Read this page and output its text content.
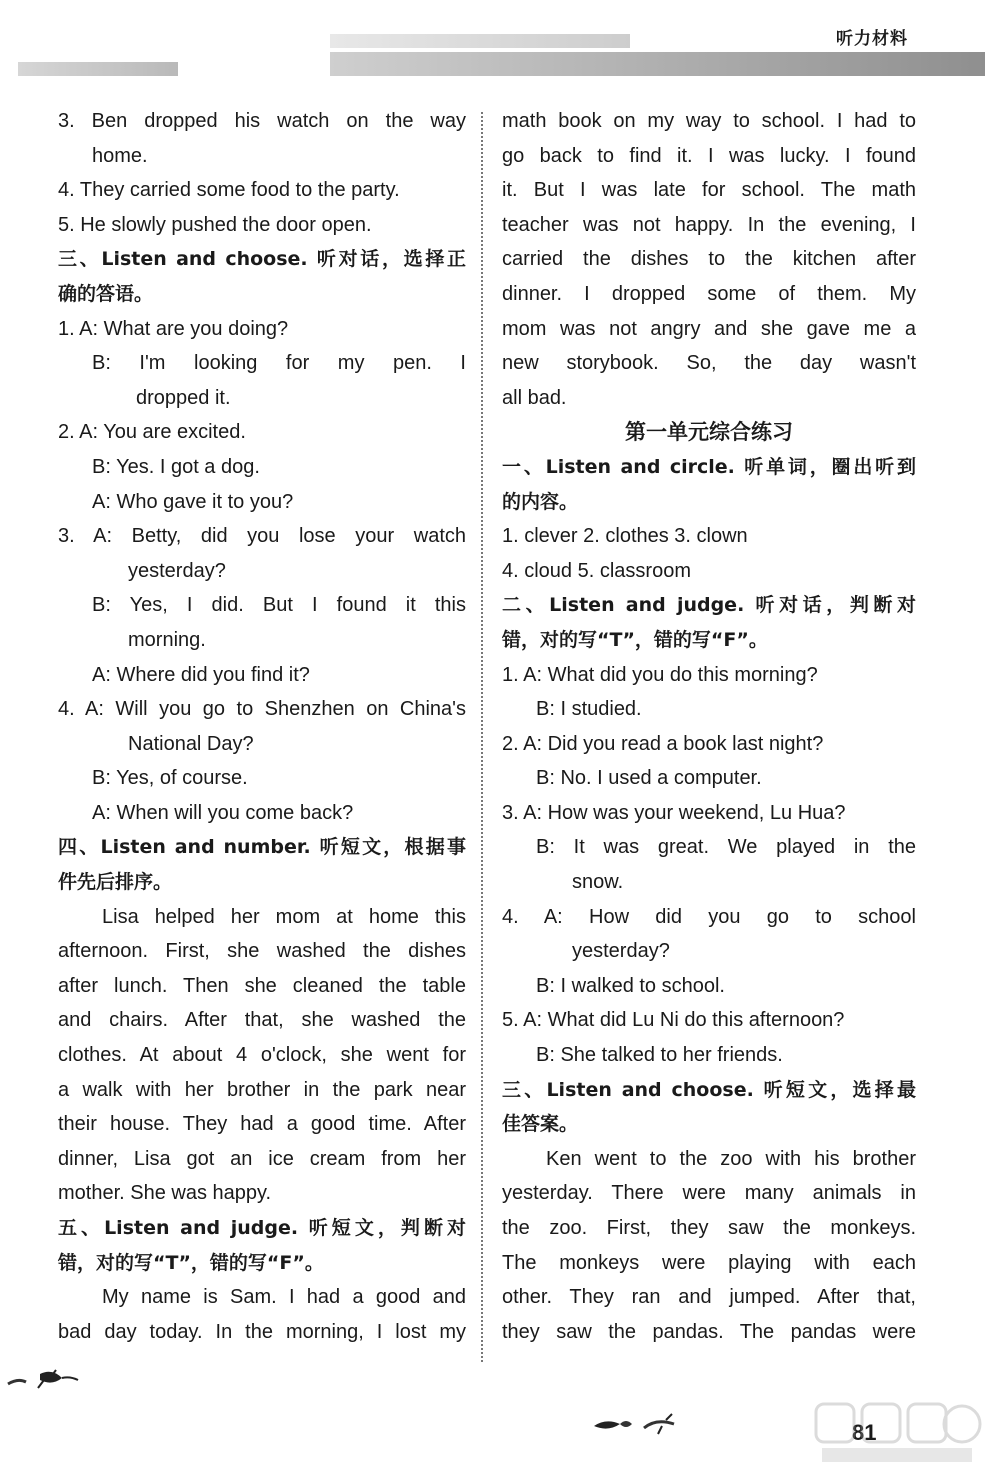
听力材料
3. Ben dropped his watch on the way
home.
4. They carried some food to the party.
5. He slowly pushed the door open.
三、Listen and choose. 听对话，选择正
确的答语。
1. A: What are you doing?
B: I'm looking for my pen. I
dropped it.
2. A: You are excited.
B: Yes. I got a dog.
A: Who gave it to you?
3. A: Betty, did you lose your watch
yesterday?
B: Yes, I did. But I found it this
morning.
A: Where did you find it?
4. A: Will you go to Shenzhen on China's
National Day?
B: Yes, of course.
A: When will you come back?
四、Listen and number. 听短文，根据事
件先后排序。
Lisa helped her mom at home this
afternoon. First, she washed the dishes
after lunch. Then she cleaned the table
and chairs. After that, she washed the
clothes. At about 4 o'clock, she went for
a walk with her brother in the park near
their house. They had a good time. After
dinner, Lisa got an ice cream from her
mother. She was happy.
五、Listen and judge. 听短文，判断对
错，对的写“T”，错的写“F”。
My name is Sam. I had a good and
bad day today. In the morning, I lost my
math book on my way to school. I had to
go back to find it. I was lucky. I found
it. But I was late for school. The math
teacher was not happy. In the evening, I
carried the dishes to the kitchen after
dinner. I dropped some of them. My
mom was not angry and she gave me a
new storybook. So, the day wasn't
all bad.
第一单元综合练习
一、Listen and circle. 听单词，圈出听到
的内容。
1. clever 2. clothes 3. clown
4. cloud 5. classroom
二、Listen and judge. 听对话，判断对
错，对的写“T”，错的写“F”。
1. A: What did you do this morning?
B: I studied.
2. A: Did you read a book last night?
B: No. I used a computer.
3. A: How was your weekend, Lu Hua?
B: It was great. We played in the
snow.
4. A: How did you go to school
yesterday?
B: I walked to school.
5. A: What did Lu Ni do this afternoon?
B: She talked to her friends.
三、Listen and choose. 听短文，选择最
佳答案。
Ken went to the zoo with his brother
yesterday. There were many animals in
the zoo. First, they saw the monkeys.
The monkeys were playing with each
other. They ran and jumped. After that,
they saw the pandas. The pandas were
81
